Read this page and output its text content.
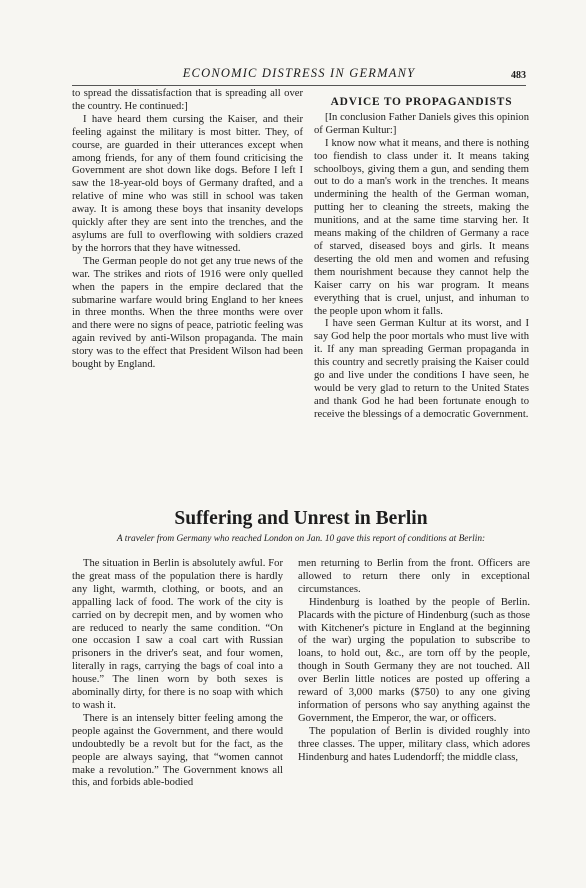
ECONOMIC DISTRESS IN GERMANY	483

to spread the dissatisfaction that is spreading all over the country. He continued:]

I have heard them cursing the Kaiser, and their feeling against the military is most bitter. They, of course, are guarded in their utterances except when among friends, for any of them found criticising the Government are shot down like dogs. Before I left I saw the 18-year-old boys of Germany drafted, and a relative of mine who was still in school was taken away. It is among these boys that insanity develops quickly after they are sent into the trenches, and the asylums are full to overflowing with soldiers crazed by the horrors that they have witnessed.

The German people do not get any true news of the war. The strikes and riots of 1916 were only quelled when the papers in the empire declared that the submarine warfare would bring England to her knees in three months. When the three months were over and there were no signs of peace, patriotic feeling was again revived by anti-Wilson propaganda. The main story was to the effect that President Wilson had been bought by England.

ADVICE TO PROPAGANDISTS

[In conclusion Father Daniels gives this opinion of German Kultur:]

I know now what it means, and there is nothing too fiendish to class under it. It means taking schoolboys, giving them a gun, and sending them out to do a man's work in the trenches. It means undermining the health of the German woman, putting her to cleaning the streets, making the munitions, and at the same time starving her. It means making of the children of Germany a race of starved, diseased boys and girls. It means deserting the old men and women and refusing them nourishment because they cannot help the Kaiser carry on his war program. It means everything that is cruel, unjust, and inhuman to the people upon whom it falls.

I have seen German Kultur at its worst, and I say God help the poor mortals who must live with it. If any man spreading German propaganda in this country and secretly praising the Kaiser could go and live under the conditions I have seen, he would be very glad to return to the United States and thank God he had been fortunate enough to receive the blessings of a democratic Government.

Suffering and Unrest in Berlin
A traveler from Germany who reached London on Jan. 10 gave this report of conditions at Berlin:

The situation in Berlin is absolutely awful. For the great mass of the population there is hardly any light, warmth, clothing, or boots, and an appalling lack of food. The work of the city is carried on by decrepit men, and by women who are reduced to nearly the same condition. “On one occasion I saw a coal cart with Russian prisoners in the driver's seat, and four women, literally in rags, carrying the bags of coal into a house.” The linen worn by both sexes is abominally dirty, for there is no soap with which to wash it.

There is an intensely bitter feeling among the people against the Government, and there would undoubtedly be a revolt but for the fact, as the people are always saying, that “women cannot make a revolution.” The Government knows all this, and forbids able-bodied

men returning to Berlin from the front. Officers are allowed to return there only in exceptional circumstances.

Hindenburg is loathed by the people of Berlin. Placards with the picture of Hindenburg (such as those with Kitchener's picture in England at the beginning of the war) urging the population to subscribe to loans, to hold out, &c., are torn off by the people, though in South Germany they are not touched. All over Berlin little notices are posted up offering a reward of 3,000 marks ($750) to any one giving information of persons who say anything against the Government, the Emperor, the war, or officers.

The population of Berlin is divided roughly into three classes. The upper, military class, which adores Hindenburg and hates Ludendorff; the middle class,
